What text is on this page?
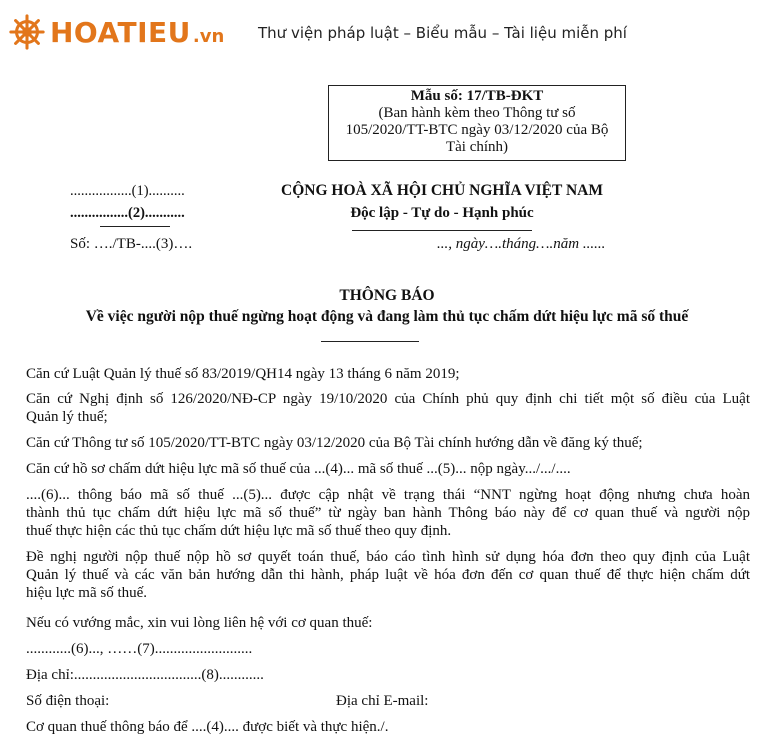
HOATIEU .vn Thư viện pháp luật – Biểu mẫu – Tài liệu miễn phí
Mẫu số: 17/TB-ĐKT
(Ban hành kèm theo Thông tư số
105/2020/TT-BTC ngày 03/12/2020 của Bộ
Tài chính)
.................(1)..........
................(2)...........
Số: …./TB-....(3)….
CỘNG HOÀ XÃ HỘI CHỦ NGHĨA VIỆT NAM
Độc lập - Tự do - Hạnh phúc
..., ngày….tháng….năm ......
THÔNG BÁO
Về việc người nộp thuế ngừng hoạt động và đang làm thủ tục chấm dứt hiệu lực mã số thuế
Căn cứ Luật Quản lý thuế số 83/2019/QH14 ngày 13 tháng 6 năm 2019;
Căn cứ Nghị định số 126/2020/NĐ-CP ngày 19/10/2020 của Chính phủ quy định chi tiết một số điều của Luật
Quản lý thuế;
Căn cứ Thông tư số 105/2020/TT-BTC ngày 03/12/2020 của Bộ Tài chính hướng dẫn về đăng ký thuế;
Căn cứ hồ sơ chấm dứt hiệu lực mã số thuế của ...(4)... mã số thuế ...(5)... nộp ngày.../.../....
....(6)... thông báo mã số thuế ...(5)... được cập nhật về trạng thái “NNT ngừng hoạt động nhưng chưa hoàn
thành thủ tục chấm dứt hiệu lực mã số thuế” từ ngày ban hành Thông báo này để cơ quan thuế và người nộp
thuế thực hiện các thủ tục chấm dứt hiệu lực mã số thuế theo quy định.
Đề nghị người nộp thuế nộp hồ sơ quyết toán thuế, báo cáo tình hình sử dụng hóa đơn theo quy định của Luật
Quản lý thuế và các văn bản hướng dẫn thi hành, pháp luật về hóa đơn đến cơ quan thuế để thực hiện chấm dứt
hiệu lực mã số thuế.
Nếu có vướng mắc, xin vui lòng liên hệ với cơ quan thuế:
............(6)..., ……(7)..........................
Địa chỉ:..................................(8)............
Số điện thoại:	Địa chỉ E-mail:
Cơ quan thuế thông báo để ....(4).... được biết và thực hiện./.
